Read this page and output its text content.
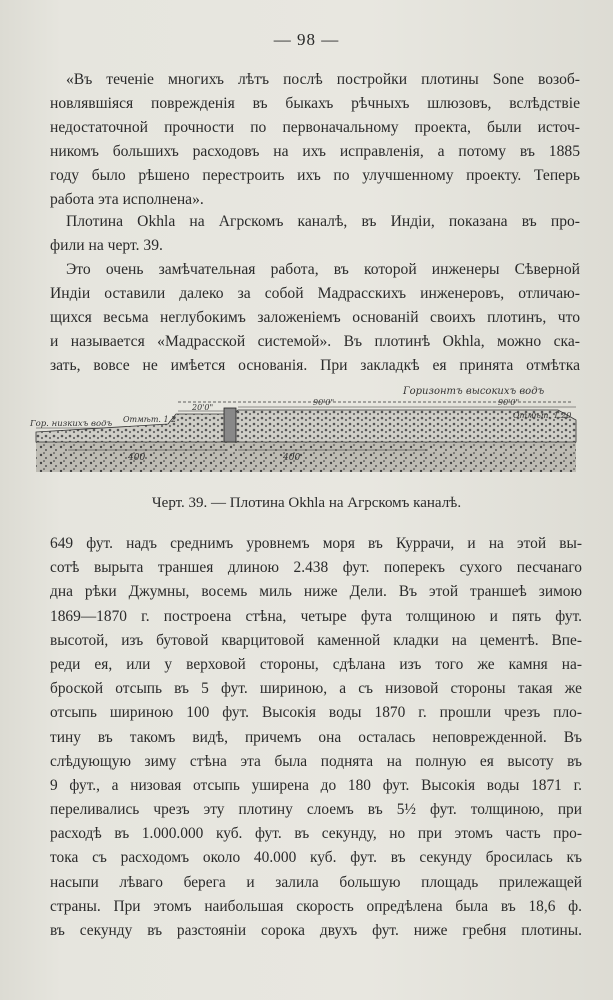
— 98 —
«Въ теченіе многихъ лѣтъ послѣ постройки плотины Sone возоб-
новлявшіяся поврежденія въ быкахъ рѣчныхъ шлюзовъ, вслѣдствіе
недостаточной прочности по первоначальному проекта, были источ-
никомъ большихъ расходовъ на ихъ исправленія, а потому въ 1885
году было рѣшено перестроить ихъ по улучшенному проекту. Теперь
работа эта исполнена».
Плотина Okhla на Агрскомъ каналѣ, въ Индіи, показана въ про-
фили на черт. 39.
Это очень замѣчательная работа, въ которой инженеры Сѣверной
Индіи оставили далеко за собой Мадрасскихъ инженеровъ, отличаю-
щихся весьма неглубокимъ заложеніемъ основаній своихъ плотинъ, что
и называется «Мадрасской системой». Въ плотинѣ Okhla, можно ска-
зать, вовсе не имѣется основанія. При закладкѣ ея принята отмѣтка
Горизонтъ высокихъ водъ
Гор. низкихъ водъ Отмѣт. 1.2	Отмѣт. 1.20
20'0"
90'0"	90'0"
400	400
Черт. 39. — Плотина Okhla на Агрскомъ каналѣ.
649 фут. надъ среднимъ уровнемъ моря въ Куррачи, и на этой вы-
сотѣ вырыта траншея длиною 2.438 фут. поперекъ сухого песчанаго
дна рѣки Джумны, восемь миль ниже Дели. Въ этой траншеѣ зимою
1869—1870 г. построена стѣна, четыре фута толщиною и пять фут.
высотой, изъ бутовой кварцитовой каменной кладки на цементѣ. Впе-
реди ея, или у верховой стороны, сдѣлана изъ того же камня на-
броской отсыпь въ 5 фут. шириною, а съ низовой стороны такая же
отсыпь шириною 100 фут. Высокія воды 1870 г. прошли чрезъ пло-
тину въ такомъ видѣ, причемъ она осталась неповрежденной. Въ
слѣдующую зиму стѣна эта была поднята на полную ея высоту въ
9 фут., а низовая отсыпь уширена до 180 фут. Высокія воды 1871 г.
переливались чрезъ эту плотину слоемъ въ 5½ фут. толщиною, при
расходѣ въ 1.000.000 куб. фут. въ секунду, но при этомъ часть про-
тока съ расходомъ около 40.000 куб. фут. въ секунду бросилась къ
насыпи лѣваго берега и залила большую площадь прилежащей
страны. При этомъ наибольшая скорость опредѣлена была въ 18,6 ф.
въ секунду въ разстояніи сорока двухъ фут. ниже гребня плотины.
